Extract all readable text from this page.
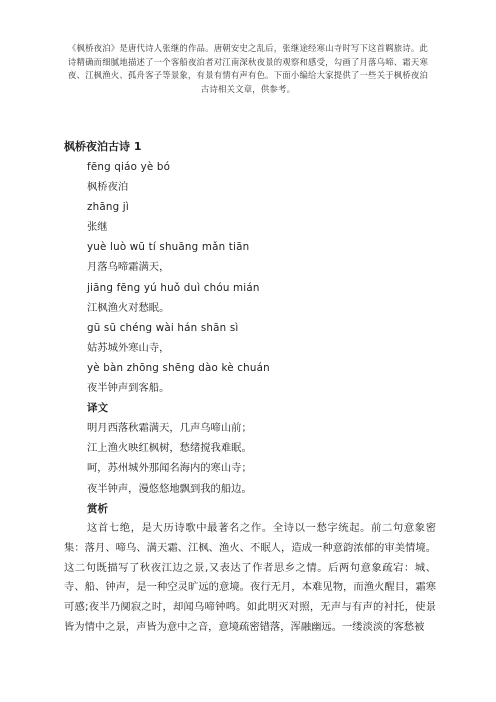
《枫桥夜泊》是唐代诗人张继的作品。唐朝安史之乱后，张继途经寒山寺时写下这首羁旅诗。此诗精确而细腻地描述了一个客船夜泊者对江南深秋夜景的观察和感受，勾画了月落乌啼、霜天寒夜、江枫渔火、孤舟客子等景象，有景有情有声有色。下面小编给大家提供了一些关于枫桥夜泊古诗相关文章，供参考。
枫桥夜泊古诗 1
fēng qiáo yè bó
枫桥夜泊
zhāng jì
张继
yuè luò wū tí shuāng mǎn tiān
月落乌啼霜满天，
jiāng fēng yú huǒ duì chóu mián
江枫渔火对愁眠。
gū sū chéng wài hán shān sì
姑苏城外寒山寺，
yè bàn zhōng shēng dào kè chuán
夜半钟声到客船。
译文
明月西落秋霜满天，几声乌啼山前；
江上渔火映红枫树，愁绪搅我难眠。
呵，苏州城外那闻名海内的寒山寺；
夜半钟声，漫悠悠地飘到我的船边。
赏析

这首七绝，是大历诗歌中最著名之作。全诗以一愁字统起。前二句意象密集：落月、啼乌、满天霜、江枫、渔火、不眠人，造成一种意韵浓郁的审美情境。这二句既描写了秋夜江边之景,又表达了作者思乡之情。后两句意象疏宕：城、寺、船、钟声，是一种空灵旷远的意境。夜行无月，本难见物，而渔火醒目，霜寒可感;夜半乃阒寂之时，却闻乌啼钟鸣。如此明灭对照，无声与有声的衬托，使景皆为情中之景，声皆为意中之音，意境疏密错落，浑融幽远。一缕淡淡的客愁被
